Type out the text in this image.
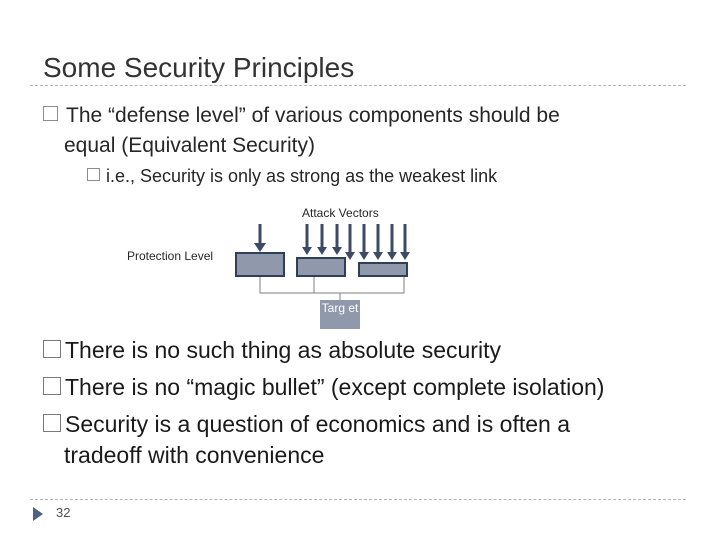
Some Security Principles
The “defense level” of various components should be
equal (Equivalent Security)
i.e., Security is only as strong as the weakest link
Attack Vectors
Protection Level
Targ et
There is no such thing as absolute security
There is no “magic bullet” (except complete isolation)
Security is a question of economics and is often a
tradeoff with convenience
32
